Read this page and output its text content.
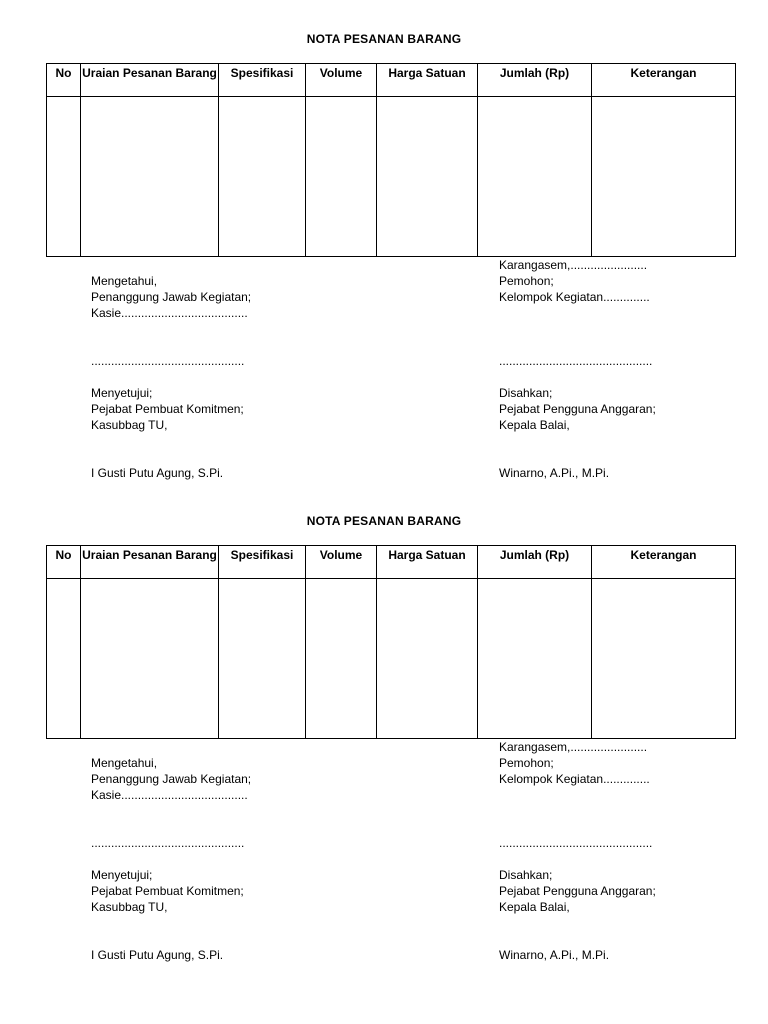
NOTA PESANAN BARANG
No	Uraian Pesanan Barang	Spesifikasi	Volume	Harga Satuan	Jumlah (Rp)	Keterangan

Mengetahui,
Penanggung Jawab Kegiatan;
Kasie......................................
Karangasem,.......................
Pemohon;
Kelompok Kegiatan..............
..............................................	..............................................
Menyetujui;
Pejabat Pembuat Komitmen;
Kasubbag TU,
Disahkan;
Pejabat Pengguna Anggaran;
Kepala Balai,
I Gusti Putu Agung, S.Pi.	Winarno, A.Pi., M.Pi.
NOTA PESANAN BARANG
No	Uraian Pesanan Barang	Spesifikasi	Volume	Harga Satuan	Jumlah (Rp)	Keterangan

Mengetahui,
Penanggung Jawab Kegiatan;
Kasie......................................
Karangasem,.......................
Pemohon;
Kelompok Kegiatan..............
..............................................	..............................................
Menyetujui;
Pejabat Pembuat Komitmen;
Kasubbag TU,
Disahkan;
Pejabat Pengguna Anggaran;
Kepala Balai,
I Gusti Putu Agung, S.Pi.	Winarno, A.Pi., M.Pi.
